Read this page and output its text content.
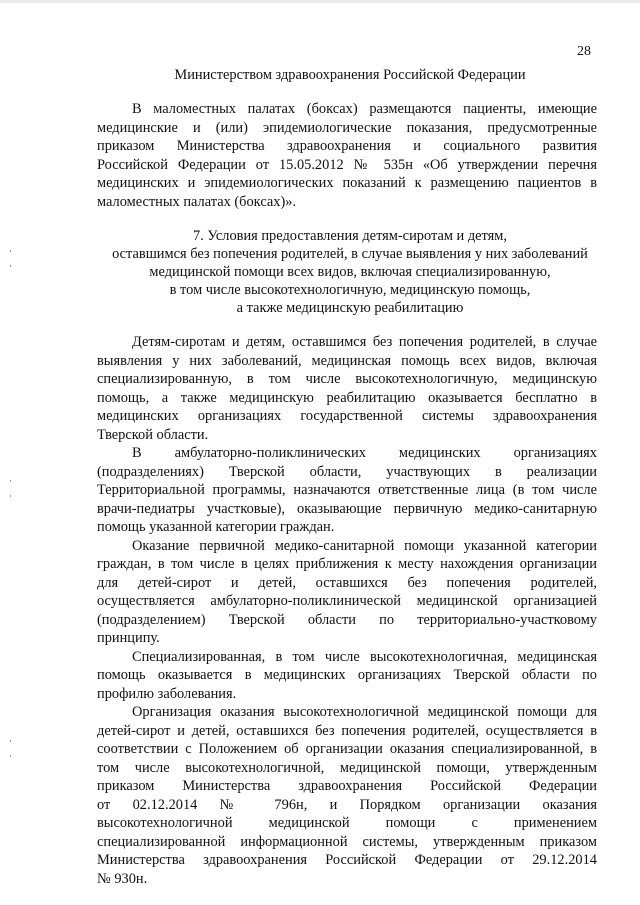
28
Министерством здравоохранения Российской Федерации
В маломестных палатах (боксах) размещаются пациенты, имеющие
медицинские и (или) эпидемиологические показания, предусмотренные
приказом Министерства здравоохранения и социального развития
Российской Федерации от 15.05.2012 № 535н «Об утверждении перечня
медицинских и эпидемиологических показаний к размещению пациентов в
маломестных палатах (боксах)».
7. Условия предоставления детям-сиротам и детям,
оставшимся без попечения родителей, в случае выявления у них заболеваний
медицинской помощи всех видов, включая специализированную,
в том числе высокотехнологичную, медицинскую помощь,
а также медицинскую реабилитацию
Детям-сиротам и детям, оставшимся без попечения родителей, в случае
выявления у них заболеваний, медицинская помощь всех видов, включая
специализированную, в том числе высокотехнологичную, медицинскую
помощь, а также медицинскую реабилитацию оказывается бесплатно в
медицинских организациях государственной системы здравоохранения
Тверской области.
В амбулаторно-поликлинических медицинских организациях
(подразделениях) Тверской области, участвующих в реализации
Территориальной программы, назначаются ответственные лица (в том числе
врачи-педиатры участковые), оказывающие первичную медико-санитарную
помощь указанной категории граждан.
Оказание первичной медико-санитарной помощи указанной категории
граждан, в том числе в целях приближения к месту нахождения организации
для детей-сирот и детей, оставшихся без попечения родителей,
осуществляется амбулаторно-поликлинической медицинской организацией
(подразделением) Тверской области по территориально-участковому
принципу.
Специализированная, в том числе высокотехнологичная, медицинская
помощь оказывается в медицинских организациях Тверской области по
профилю заболевания.
Организация оказания высокотехнологичной медицинской помощи для
детей-сирот и детей, оставшихся без попечения родителей, осуществляется в
соответствии с Положением об организации оказания специализированной, в
том числе высокотехнологичной, медицинской помощи, утвержденным
приказом Министерства здравоохранения Российской Федерации
от 02.12.2014 № 796н, и Порядком организации оказания
высокотехнологичной медицинской помощи с применением
специализированной информационной системы, утвержденным приказом
Министерства здравоохранения Российской Федерации от 29.12.2014
№ 930н.
